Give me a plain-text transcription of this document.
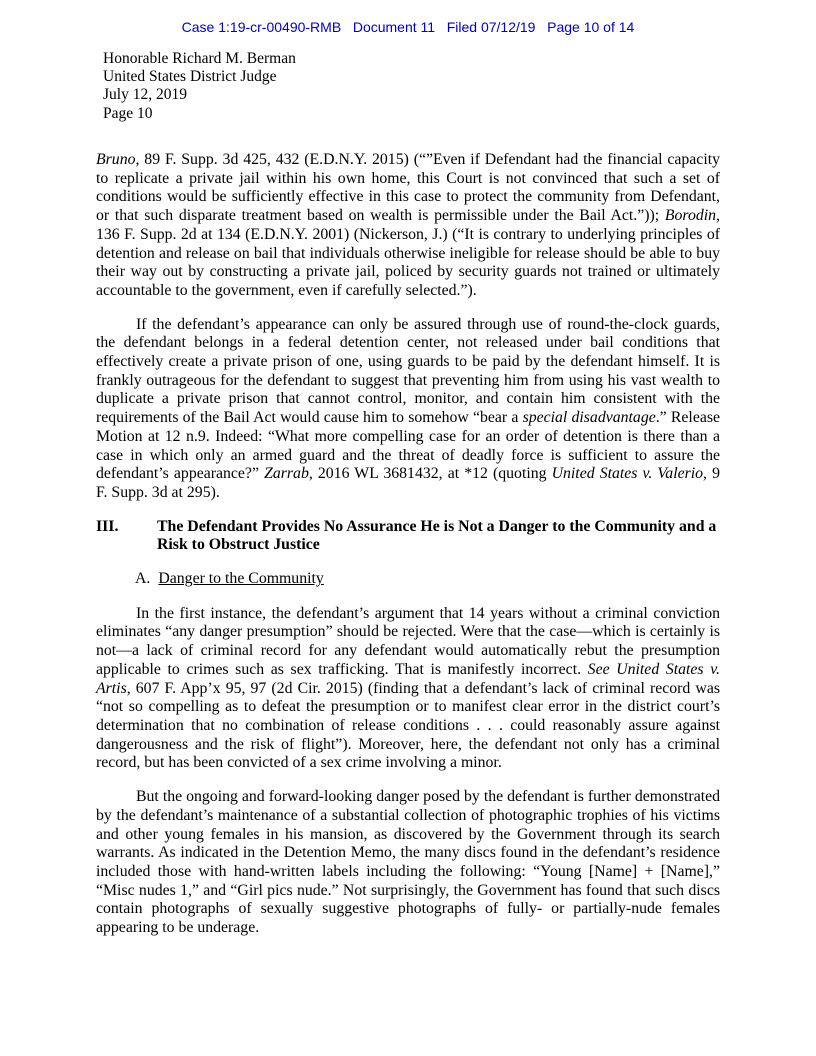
Case 1:19-cr-00490-RMB   Document 11   Filed 07/12/19   Page 10 of 14
Honorable Richard M. Berman
United States District Judge
July 12, 2019
Page 10

Bruno, 89 F. Supp. 3d 425, 432 (E.D.N.Y. 2015) (“”Even if Defendant had the financial capacity to replicate a private jail within his own home, this Court is not convinced that such a set of conditions would be sufficiently effective in this case to protect the community from Defendant, or that such disparate treatment based on wealth is permissible under the Bail Act.”)); Borodin, 136 F. Supp. 2d at 134 (E.D.N.Y. 2001) (Nickerson, J.) (“It is contrary to underlying principles of detention and release on bail that individuals otherwise ineligible for release should be able to buy their way out by constructing a private jail, policed by security guards not trained or ultimately accountable to the government, even if carefully selected.”).

If the defendant’s appearance can only be assured through use of round-the-clock guards, the defendant belongs in a federal detention center, not released under bail conditions that effectively create a private prison of one, using guards to be paid by the defendant himself. It is frankly outrageous for the defendant to suggest that preventing him from using his vast wealth to duplicate a private prison that cannot control, monitor, and contain him consistent with the requirements of the Bail Act would cause him to somehow “bear a special disadvantage.” Release Motion at 12 n.9. Indeed: “What more compelling case for an order of detention is there than a case in which only an armed guard and the threat of deadly force is sufficient to assure the defendant’s appearance?” Zarrab, 2016 WL 3681432, at *12 (quoting United States v. Valerio, 9 F. Supp. 3d at 295).

III.	The Defendant Provides No Assurance He is Not a Danger to the Community and a Risk to Obstruct Justice
A. Danger to the Community

In the first instance, the defendant’s argument that 14 years without a criminal conviction eliminates “any danger presumption” should be rejected. Were that the case—which is certainly is not—a lack of criminal record for any defendant would automatically rebut the presumption applicable to crimes such as sex trafficking. That is manifestly incorrect. See United States v. Artis, 607 F. App’x 95, 97 (2d Cir. 2015) (finding that a defendant’s lack of criminal record was “not so compelling as to defeat the presumption or to manifest clear error in the district court’s determination that no combination of release conditions . . . could reasonably assure against dangerousness and the risk of flight”). Moreover, here, the defendant not only has a criminal record, but has been convicted of a sex crime involving a minor.

But the ongoing and forward-looking danger posed by the defendant is further demonstrated by the defendant’s maintenance of a substantial collection of photographic trophies of his victims and other young females in his mansion, as discovered by the Government through its search warrants. As indicated in the Detention Memo, the many discs found in the defendant’s residence included those with hand-written labels including the following: “Young [Name] + [Name],” “Misc nudes 1,” and “Girl pics nude.” Not surprisingly, the Government has found that such discs contain photographs of sexually suggestive photographs of fully- or partially-nude females appearing to be underage.
